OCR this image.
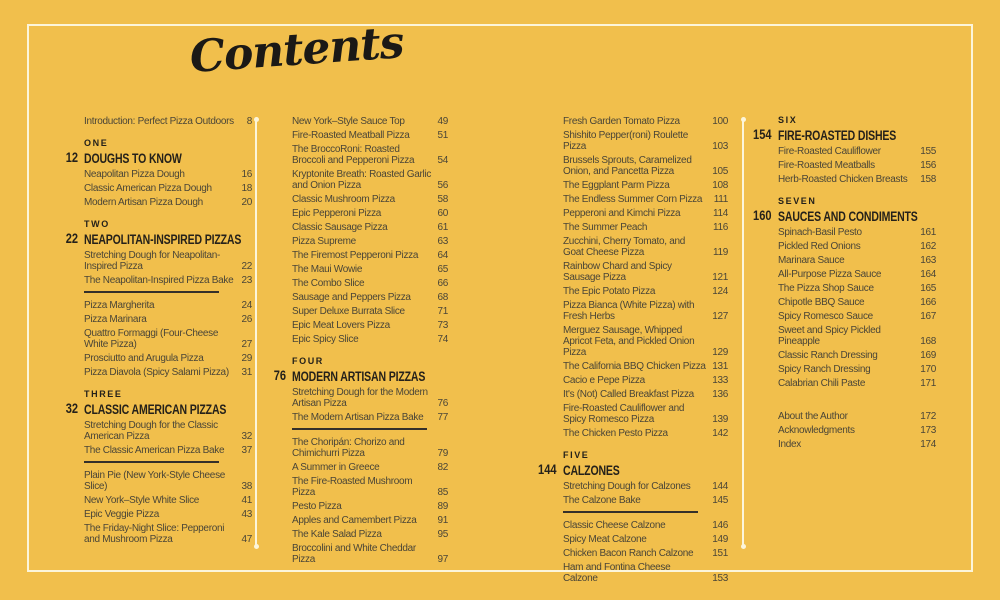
Contents
Introduction: Perfect Pizza Outdoors	8
ONE
12 DOUGHS TO KNOW
Neapolitan Pizza Dough	16
Classic American Pizza Dough	18
Modern Artisan Pizza Dough	20
TWO
22 NEAPOLITAN-INSPIRED PIZZAS
Stretching Dough for Neapolitan-Inspired Pizza	22
The Neapolitan-Inspired Pizza Bake 23
Pizza Margherita	24
Pizza Marinara	26
Quattro Formaggi (Four-Cheese White Pizza)	27
Prosciutto and Arugula Pizza	29
Pizza Diavola (Spicy Salami Pizza)	31
THREE
32 CLASSIC AMERICAN PIZZAS
Stretching Dough for the Classic American Pizza	32
The Classic American Pizza Bake	37
Plain Pie (New York-Style Cheese Slice)	38
New York–Style White Slice	41
Epic Veggie Pizza	43
The Friday-Night Slice: Pepperoni and Mushroom Pizza	47
New York–Style Sauce Top	49
Fire-Roasted Meatball Pizza	51
The BroccoRoni: Roasted Broccoli and Pepperoni Pizza	54
Kryptonite Breath: Roasted Garlic and Onion Pizza	56
Classic Mushroom Pizza	58
Epic Pepperoni Pizza	60
Classic Sausage Pizza	61
Pizza Supreme	63
The Firemost Pepperoni Pizza	64
The Maui Wowie	65
The Combo Slice	66
Sausage and Peppers Pizza	68
Super Deluxe Burrata Slice	71
Epic Meat Lovers Pizza	73
Epic Spicy Slice	74
FOUR
76 MODERN ARTISAN PIZZAS
Stretching Dough for the Modern Artisan Pizza	76
The Modern Artisan Pizza Bake	77
The Choripán: Chorizo and Chimichurri Pizza	79
A Summer in Greece	82
The Fire-Roasted Mushroom Pizza	85
Pesto Pizza	89
Apples and Camembert Pizza	91
The Kale Salad Pizza	95
Broccolini and White Cheddar Pizza	97
Fresh Garden Tomato Pizza	100
Shishito Pepper(roni) Roulette Pizza	103
Brussels Sprouts, Caramelized Onion, and Pancetta Pizza	105
The Eggplant Parm Pizza	108
The Endless Summer Corn Pizza	111
Pepperoni and Kimchi Pizza	114
The Summer Peach	116
Zucchini, Cherry Tomato, and Goat Cheese Pizza	119
Rainbow Chard and Spicy Sausage Pizza	121
The Epic Potato Pizza	124
Pizza Bianca (White Pizza) with Fresh Herbs	127
Merguez Sausage, Whipped Apricot Feta, and Pickled Onion Pizza	129
The California BBQ Chicken Pizza 131
Cacio e Pepe Pizza	133
It's (Not) Called Breakfast Pizza	136
Fire-Roasted Cauliflower and Spicy Romesco Pizza	139
The Chicken Pesto Pizza	142
FIVE
144 CALZONES
Stretching Dough for Calzones	144
The Calzone Bake	145
Classic Cheese Calzone	146
Spicy Meat Calzone	149
Chicken Bacon Ranch Calzone	151
Ham and Fontina Cheese Calzone	153
SIX
154 FIRE-ROASTED DISHES
Fire-Roasted Cauliflower	155
Fire-Roasted Meatballs	156
Herb-Roasted Chicken Breasts	158
SEVEN
160 SAUCES AND CONDIMENTS
Spinach-Basil Pesto	161
Pickled Red Onions	162
Marinara Sauce	163
All-Purpose Pizza Sauce	164
The Pizza Shop Sauce	165
Chipotle BBQ Sauce	166
Spicy Romesco Sauce	167
Sweet and Spicy Pickled Pineapple	168
Classic Ranch Dressing	169
Spicy Ranch Dressing	170
Calabrian Chili Paste	171
About the Author	172
Acknowledgments	173
Index	174
